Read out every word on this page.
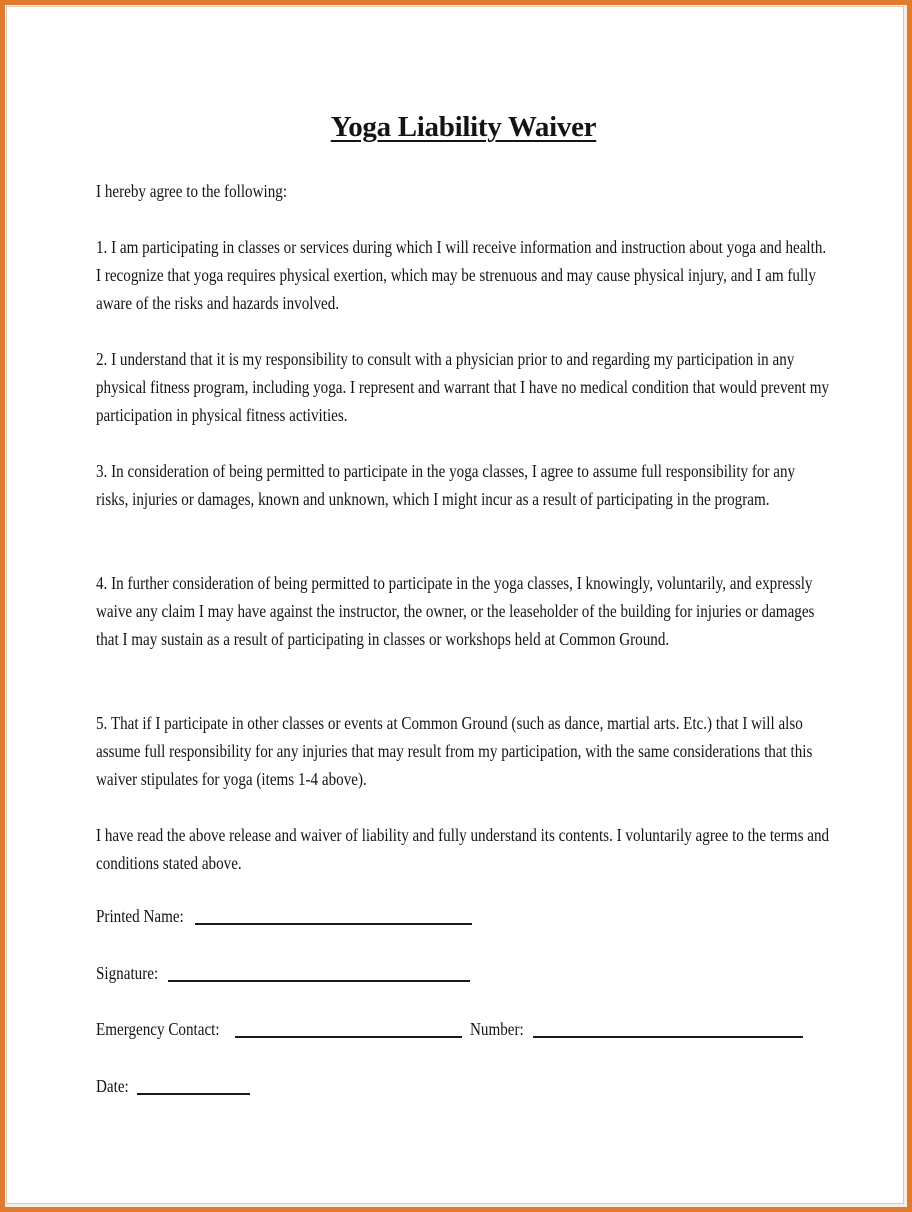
Yoga Liability Waiver

I hereby agree to the following:

1. I am participating in classes or services during which I will receive information and instruction about yoga and health. I recognize that yoga requires physical exertion, which may be strenuous and may cause physical injury, and I am fully aware of the risks and hazards involved.

2. I understand that it is my responsibility to consult with a physician prior to and regarding my participation in any physical fitness program, including yoga. I represent and warrant that I have no medical condition that would prevent my participation in physical fitness activities.

3. In consideration of being permitted to participate in the yoga classes, I agree to assume full responsibility for any risks, injuries or damages, known and unknown, which I might incur as a result of participating in the program.

4. In further consideration of being permitted to participate in the yoga classes, I knowingly, voluntarily, and expressly waive any claim I may have against the instructor, the owner, or the leaseholder of the building for injuries or damages that I may sustain as a result of participating in classes or workshops held at Common Ground.

5. That if I participate in other classes or events at Common Ground (such as dance, martial arts. Etc.) that I will also assume full responsibility for any injuries that may result from my participation, with the same considerations that this waiver stipulates for yoga (items 1-4 above).

I have read the above release and waiver of liability and fully understand its contents. I voluntarily agree to the terms and conditions stated above.

Printed Name:
Signature:
Emergency Contact:	Number:
Date:
